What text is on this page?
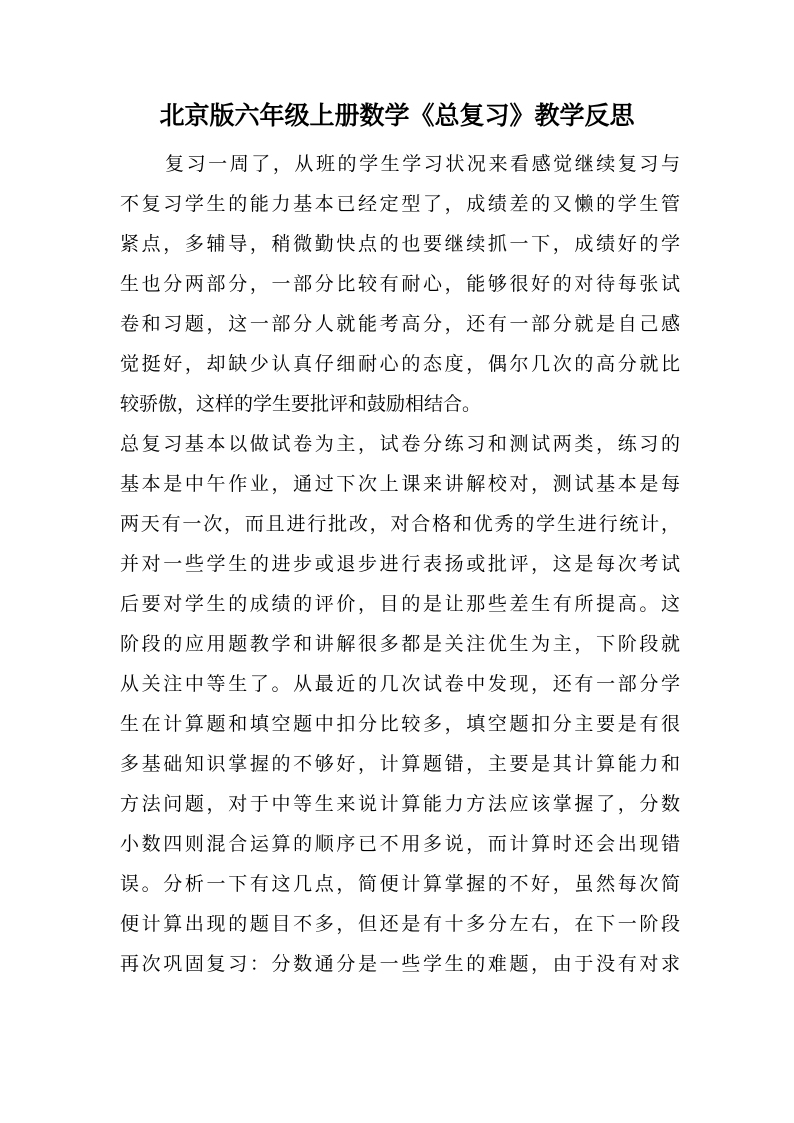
北京版六年级上册数学《总复习》教学反思
复习一周了，从班的学生学习状况来看感觉继续复习与
不复习学生的能力基本已经定型了，成绩差的又懒的学生管
紧点，多辅导，稍微勤快点的也要继续抓一下，成绩好的学
生也分两部分，一部分比较有耐心，能够很好的对待每张试
卷和习题，这一部分人就能考高分，还有一部分就是自己感
觉挺好，却缺少认真仔细耐心的态度，偶尔几次的高分就比
较骄傲，这样的学生要批评和鼓励相结合。
总复习基本以做试卷为主，试卷分练习和测试两类，练习的
基本是中午作业，通过下次上课来讲解校对，测试基本是每
两天有一次，而且进行批改，对合格和优秀的学生进行统计，
并对一些学生的进步或退步进行表扬或批评，这是每次考试
后要对学生的成绩的评价，目的是让那些差生有所提高。这
阶段的应用题教学和讲解很多都是关注优生为主，下阶段就
从关注中等生了。从最近的几次试卷中发现，还有一部分学
生在计算题和填空题中扣分比较多，填空题扣分主要是有很
多基础知识掌握的不够好，计算题错，主要是其计算能力和
方法问题，对于中等生来说计算能力方法应该掌握了，分数
小数四则混合运算的顺序已不用多说，而计算时还会出现错
误。分析一下有这几点，简便计算掌握的不好，虽然每次简
便计算出现的题目不多，但还是有十多分左右，在下一阶段
再次巩固复习：分数通分是一些学生的难题，由于没有对求
